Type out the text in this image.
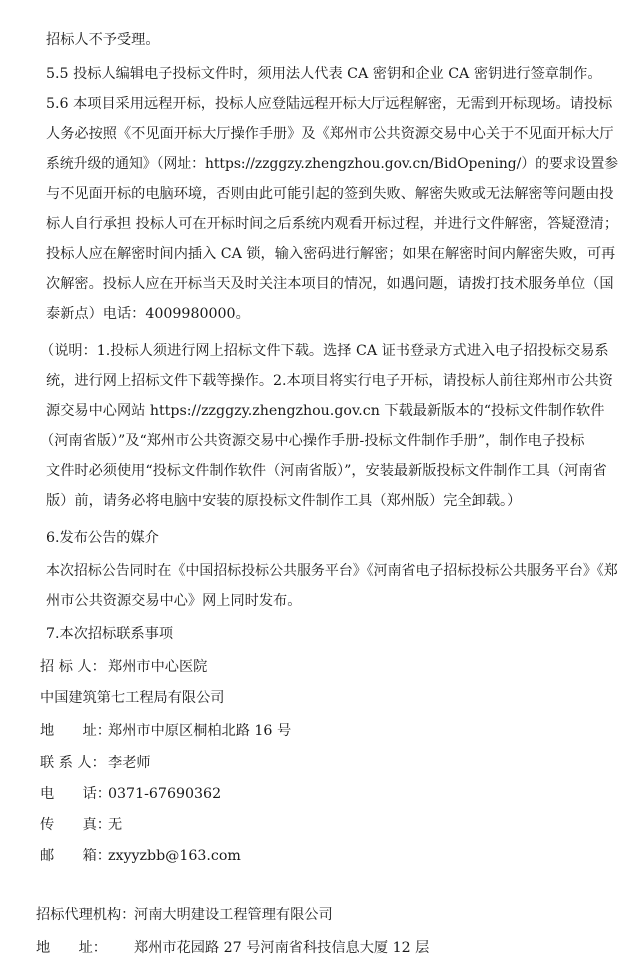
招标人不予受理。
5.5 投标人编辑电子投标文件时，须用法人代表 CA 密钥和企业 CA 密钥进行签章制作。
5.6 本项目采用远程开标，投标人应登陆远程开标大厅远程解密，无需到开标现场。请投标
人务必按照《不见面开标大厅操作手册》及《郑州市公共资源交易中心关于不见面开标大厅
系统升级的通知》（网址：https://zzggzy.zhengzhou.gov.cn/BidOpening/）的要求设置参
与不见面开标的电脑环境，否则由此可能引起的签到失败、解密失败或无法解密等问题由投
标人自行承担 投标人可在开标时间之后系统内观看开标过程，并进行文件解密，答疑澄清；
投标人应在解密时间内插入 CA 锁，输入密码进行解密；如果在解密时间内解密失败，可再
次解密。投标人应在开标当天及时关注本项目的情况，如遇问题，请拨打技术服务单位（国
泰新点）电话：4009980000。
（说明：1.投标人须进行网上招标文件下载。选择 CA 证书登录方式进入电子招投标交易系
统，进行网上招标文件下载等操作。2.本项目将实行电子开标，请投标人前往郑州市公共资
源交易中心网站 https://zzggzy.zhengzhou.gov.cn 下载最新版本的“投标文件制作软件
（河南省版）”及“郑州市公共资源交易中心操作手册-投标文件制作手册”，制作电子投标
文件时必须使用“投标文件制作软件（河南省版）”，安装最新版投标文件制作工具（河南省
版）前，请务必将电脑中安装的原投标文件制作工具（郑州版）完全卸载。）
6.发布公告的媒介
本次招标公告同时在《中国招标投标公共服务平台》《河南省电子招标投标公共服务平台》《郑
州市公共资源交易中心》网上同时发布。
7.本次招标联系事项
招 标 人： 郑州市中心医院
中国建筑第七工程局有限公司
地　　址：
郑州市中原区桐柏北路 16 号
联 系 人： 李老师
电　　话：
0371-67690362
传　　真：
无
邮　　箱：
zxyyzbb@163.com
招标代理机构：
河南大明建设工程管理有限公司
地　　址： 郑州市花园路 27 号河南省科技信息大厦 12 层
